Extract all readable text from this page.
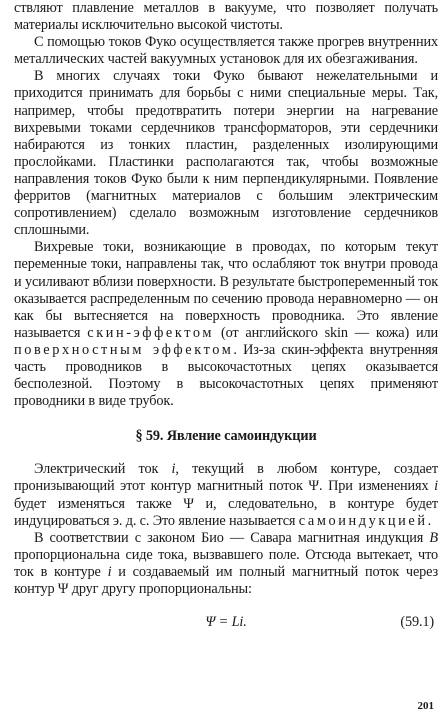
ствляют плавление металлов в вакууме, что позволяет получать материалы исключительно высокой чистоты.

С помощью токов Фуко осуществляется также прогрев внутренних металлических частей вакуумных установок для их обезгаживания.

В многих случаях токи Фуко бывают нежелательными и приходится принимать для борьбы с ними специальные меры. Так, например, чтобы предотвратить потери энергии на нагревание вихревыми токами сердечников трансформаторов, эти сердечники набираются из тонких пластин, разделенных изолирующими прослойками. Пластинки располагаются так, чтобы возможные направления токов Фуко были к ним перпендикулярными. Появление ферритов (магнитных материалов с большим электрическим сопротивлением) сделало возможным изготовление сердечников сплошными.

Вихревые токи, возникающие в проводах, по которым текут переменные токи, направлены так, что ослабляют ток внутри провода и усиливают вблизи поверхности. В результате быстропеременный ток оказывается распределенным по сечению провода неравномерно — он как бы вытесняется на поверхность проводника. Это явление называется скин-эффектом (от английского skin — кожа) или поверхностным эффектом. Из-за скин-эффекта внутренняя часть проводников в высокочастотных цепях оказывается бесполезной. Поэтому в высокочастотных цепях применяют проводники в виде трубок.

§ 59. Явление самоиндукции

Электрический ток i, текущий в любом контуре, создает пронизывающий этот контур магнитный поток Ψ. При изменениях i будет изменяться также Ψ и, следовательно, в контуре будет индуцироваться э. д. с. Это явление называется самоиндукцией.

В соответствии с законом Био — Савара магнитная индукция B пропорциональна сиде тока, вызвавшего поле. Отсюда вытекает, что ток в контуре i и создаваемый им полный магнитный поток через контур Ψ друг другу пропорциональны:

Ψ = Li.	(59.1)
201
